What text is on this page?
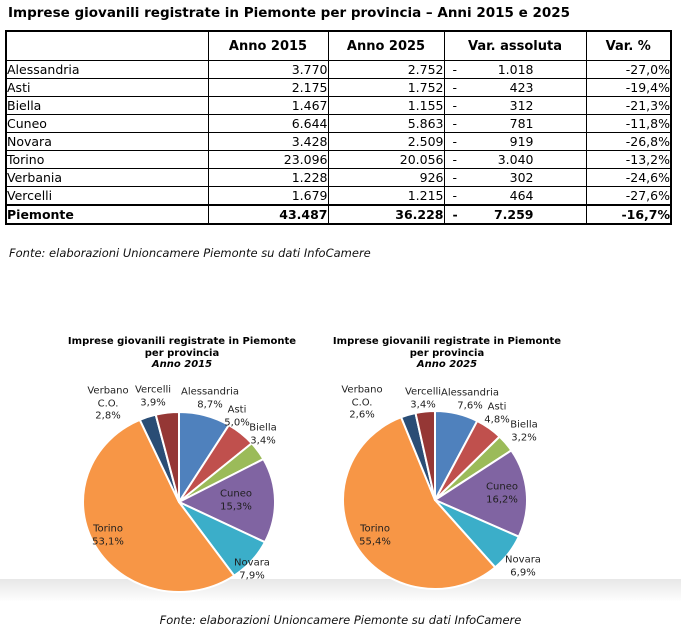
Imprese giovanili registrate in Piemonte per provincia – Anni 2015 e 2025
	Anno 2015	Anno 2025	Var. assoluta	Var. %
Alessandria	3.770	2.752	- 1.018	-27,0%
Asti	2.175	1.752	- 423	-19,4%
Biella	1.467	1.155	- 312	-21,3%
Cuneo	6.644	5.863	- 781	-11,8%
Novara	3.428	2.509	- 919	-26,8%
Torino	23.096	20.056	- 3.040	-13,2%
Verbania	1.228	926	- 302	-24,6%
Vercelli	1.679	1.215	- 464	-27,6%
Piemonte	43.487	36.228	- 7.259	-16,7%
Fonte: elaborazioni Unioncamere Piemonte su dati InfoCamere
Imprese giovanili registrate in Piemonte
per provincia
Anno 2015
Alessandria
8,7% Asti
5,0% Biella
3,4%
Cuneo
15,3%
Novara
7,9%
Torino
53,1%
Verbano
C.O.
2,8%
Vercelli
3,9%
Imprese giovanili registrate in Piemonte
per provincia
Anno 2025
Alessandria
7,6% Asti
4,8% Biella
3,2%
Cuneo
16,2%
Novara
6,9%
Torino
55,4%
Verbano
C.O.
2,6%
Vercelli
3,4%
Fonte: elaborazioni Unioncamere Piemonte su dati InfoCamere
